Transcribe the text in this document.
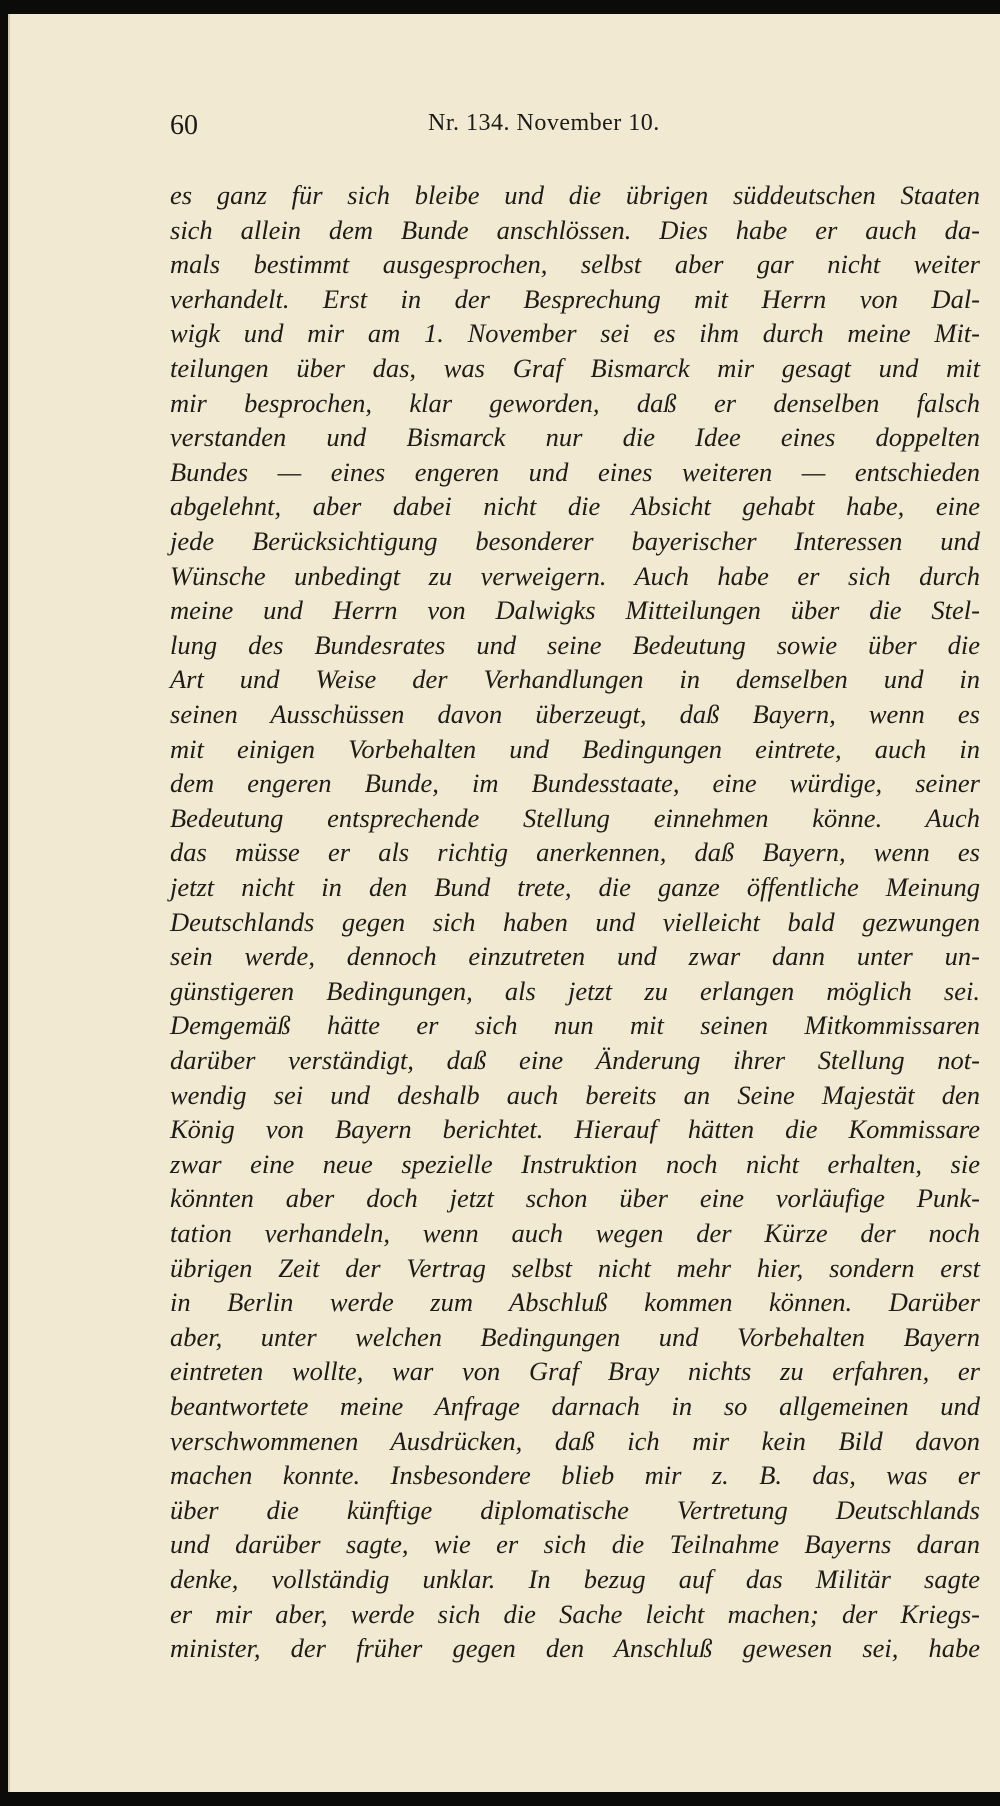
60	Nr. 134. November 10.
es ganz für sich bleibe und die übrigen süddeutschen Staaten
sich allein dem Bunde anschlössen. Dies habe er auch da-
mals bestimmt ausgesprochen, selbst aber gar nicht weiter
verhandelt. Erst in der Besprechung mit Herrn von Dal-
wigk und mir am 1. November sei es ihm durch meine Mit-
teilungen über das, was Graf Bismarck mir gesagt und mit
mir besprochen, klar geworden, daß er denselben falsch
verstanden und Bismarck nur die Idee eines doppelten
Bundes — eines engeren und eines weiteren — entschieden
abgelehnt, aber dabei nicht die Absicht gehabt habe, eine
jede Berücksichtigung besonderer bayerischer Interessen und
Wünsche unbedingt zu verweigern. Auch habe er sich durch
meine und Herrn von Dalwigks Mitteilungen über die Stel-
lung des Bundesrates und seine Bedeutung sowie über die
Art und Weise der Verhandlungen in demselben und in
seinen Ausschüssen davon überzeugt, daß Bayern, wenn es
mit einigen Vorbehalten und Bedingungen eintrete, auch in
dem engeren Bunde, im Bundesstaate, eine würdige, seiner
Bedeutung entsprechende Stellung einnehmen könne. Auch
das müsse er als richtig anerkennen, daß Bayern, wenn es
jetzt nicht in den Bund trete, die ganze öffentliche Meinung
Deutschlands gegen sich haben und vielleicht bald gezwungen
sein werde, dennoch einzutreten und zwar dann unter un-
günstigeren Bedingungen, als jetzt zu erlangen möglich sei.
Demgemäß hätte er sich nun mit seinen Mitkommissaren
darüber verständigt, daß eine Änderung ihrer Stellung not-
wendig sei und deshalb auch bereits an Seine Majestät den
König von Bayern berichtet. Hierauf hätten die Kommissare
zwar eine neue spezielle Instruktion noch nicht erhalten, sie
könnten aber doch jetzt schon über eine vorläufige Punk-
tation verhandeln, wenn auch wegen der Kürze der noch
übrigen Zeit der Vertrag selbst nicht mehr hier, sondern erst
in Berlin werde zum Abschluß kommen können. Darüber
aber, unter welchen Bedingungen und Vorbehalten Bayern
eintreten wollte, war von Graf Bray nichts zu erfahren, er
beantwortete meine Anfrage darnach in so allgemeinen und
verschwommenen Ausdrücken, daß ich mir kein Bild davon
machen konnte. Insbesondere blieb mir z. B. das, was er
über die künftige diplomatische Vertretung Deutschlands
und darüber sagte, wie er sich die Teilnahme Bayerns daran
denke, vollständig unklar. In bezug auf das Militär sagte
er mir aber, werde sich die Sache leicht machen; der Kriegs-
minister, der früher gegen den Anschluß gewesen sei, habe
